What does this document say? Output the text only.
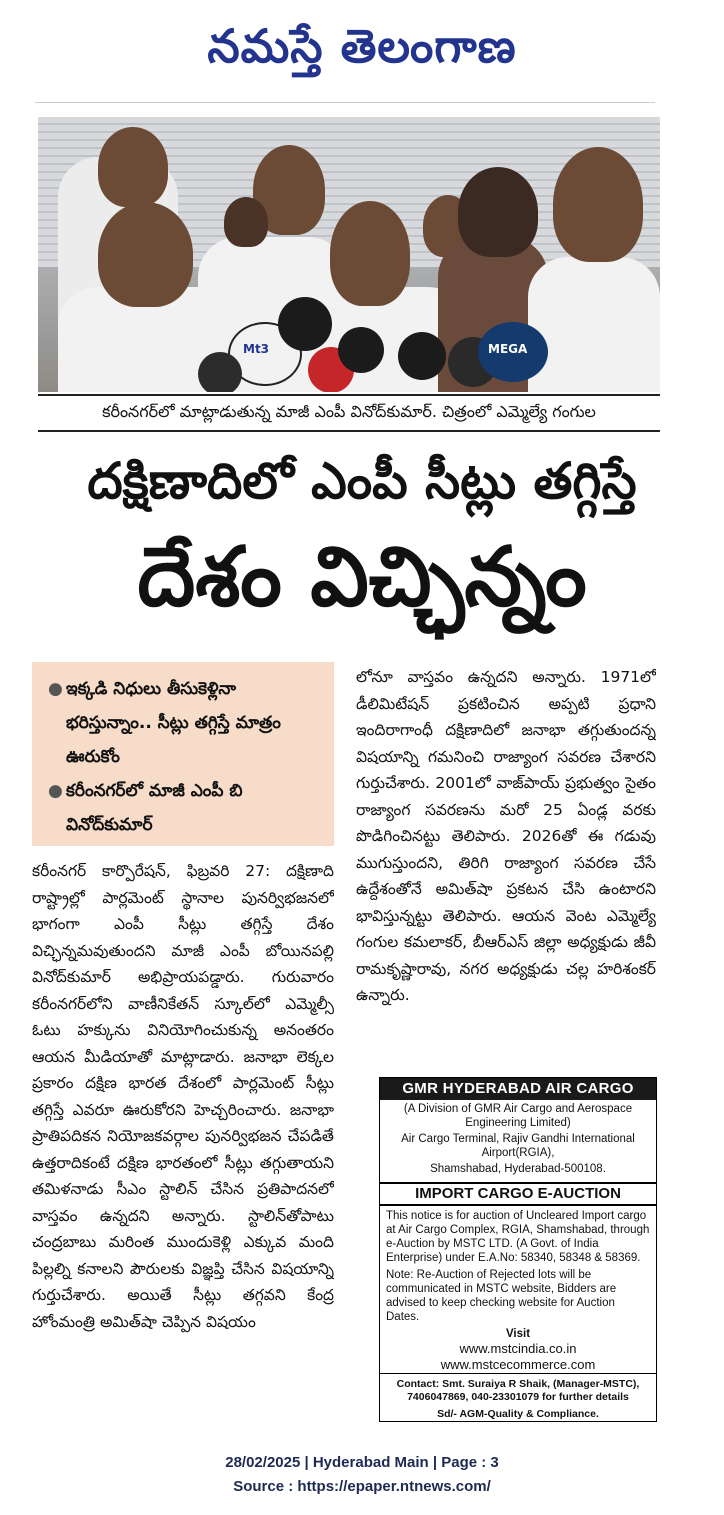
నమస్తే తెలంగాణ
Mt3	MEGA
కరీంనగర్‌లో మాట్లాడుతున్న మాజీ ఎంపీ వినోద్‌కుమార్. చిత్రంలో ఎమ్మెల్యే గంగుల
దక్షిణాదిలో ఎంపీ సీట్లు తగ్గిస్తే
దేశం విచ్ఛిన్నం
● ఇక్కడి నిధులు తీసుకెళ్లినా భరిస్తున్నాం.. సీట్లు తగ్గిస్తే మాత్రం ఊరుకోం
● కరీంనగర్‌లో మాజీ ఎంపీ బి వినోద్‌కుమార్

కరీంనగర్ కార్పొరేషన్, ఫిబ్రవరి 27: దక్షిణాది రాష్ట్రాల్లో పార్లమెంట్ స్థానాల పునర్విభజనలో భాగంగా ఎంపీ సీట్లు తగ్గిస్తే దేశం విచ్ఛిన్నమవుతుందని మాజీ ఎంపీ బోయినపల్లి వినోద్‌కుమార్ అభిప్రాయపడ్డారు. గురువారం కరీంనగర్‌లోని వాణీనికేతన్ స్కూల్‌లో ఎమ్మెల్సీ ఓటు హక్కును వినియోగించుకున్న అనంతరం ఆయన మీడియాతో మాట్లాడారు. జనాభా లెక్కల ప్రకారం దక్షిణ భారత దేశంలో పార్లమెంట్ సీట్లు తగ్గిస్తే ఎవరూ ఊరుకోరని హెచ్చరించారు. జనాభా ప్రాతిపదికన నియోజకవర్గాల పునర్విభజన చేపడితే ఉత్తరాదికంటే దక్షిణ భారతంలో సీట్లు తగ్గుతాయని తమిళనాడు సీఎం స్టాలిన్ చేసిన ప్రతిపాదనలో వాస్తవం ఉన్నదని అన్నారు. స్టాలిన్‌తోపాటు చంద్రబాబు మరింత ముందుకెళ్లి ఎక్కువ మంది పిల్లల్ని కనాలని పౌరులకు విజ్ఞప్తి చేసిన విషయాన్ని గుర్తుచేశారు. అయితే సీట్లు తగ్గవని కేంద్ర హోంమంత్రి అమిత్‌షా చెప్పిన విషయం

లోనూ వాస్తవం ఉన్నదని అన్నారు. 1971లో డీలిమిటేషన్ ప్రకటించిన అప్పటి ప్రధాని ఇందిరాగాంధీ దక్షిణాదిలో జనాభా తగ్గుతుందన్న విషయాన్ని గమనించి రాజ్యాంగ సవరణ చేశారని గుర్తుచేశారు. 2001లో వాజ్‌పాయ్ ప్రభుత్వం సైతం రాజ్యాంగ సవరణను మరో 25 ఏండ్ల వరకు పొడిగించినట్టు తెలిపారు. 2026తో ఈ గడువు ముగుస్తుందని, తిరిగి రాజ్యాంగ సవరణ చేసే ఉద్దేశంతోనే అమిత్‌షా ప్రకటన చేసి ఉంటారని భావిస్తున్నట్టు తెలిపారు. ఆయన వెంట ఎమ్మెల్యే గంగుల కమలాకర్, బీఆర్‌ఎస్ జిల్లా అధ్యక్షుడు జీవీ రామకృష్ణారావు, నగర అధ్యక్షుడు చల్ల హరిశంకర్ ఉన్నారు.

GMR HYDERABAD AIR CARGO
(A Division of GMR Air Cargo and Aerospace Engineering Limited)
Air Cargo Terminal, Rajiv Gandhi International Airport(RGIA),
Shamshabad, Hyderabad-500108.
IMPORT CARGO E-AUCTION
This notice is for auction of Uncleared Import cargo at Air Cargo Complex, RGIA, Shamshabad, through e-Auction by MSTC LTD. (A Govt. of India Enterprise) under E.A.No: 58340, 58348 & 58369.
Note: Re-Auction of Rejected lots will be communicated in MSTC website, Bidders are advised to keep checking website for Auction Dates.
Visit
www.mstcindia.co.in
www.mstcecommerce.com
Contact: Smt. Suraiya R Shaik, (Manager-MSTC), 7406047869, 040-23301079 for further details
Sd/- AGM-Quality & Compliance.
28/02/2025 | Hyderabad Main | Page : 3
Source : https://epaper.ntnews.com/
